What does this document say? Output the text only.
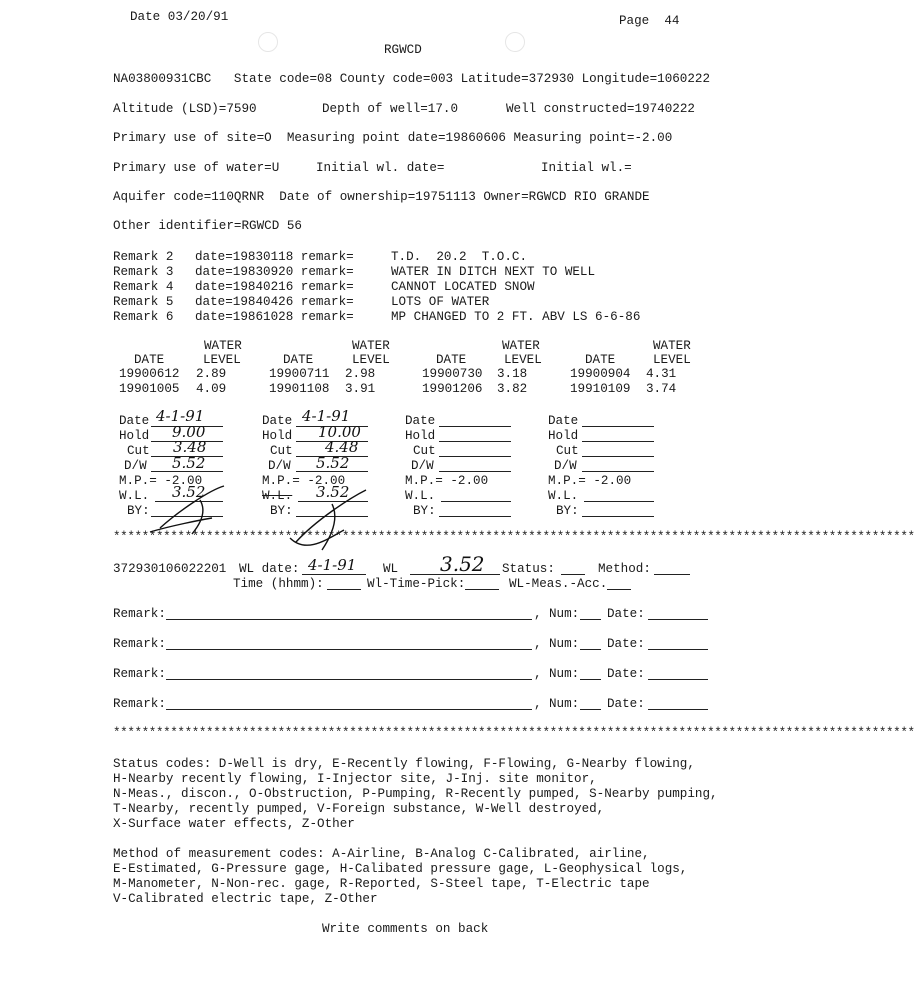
Date 03/20/91	Page  44
RGWCD
NA03800931CBC   State code=08 County code=003 Latitude=372930 Longitude=1060222
Altitude (LSD)=7590	Depth of well=17.0	Well constructed=19740222
Primary use of site=O  Measuring point date=19860606 Measuring point=-2.00
Primary use of water=U	Initial wl. date=	Initial wl.=
Aquifer code=110QRNR  Date of ownership=19751113 Owner=RGWCD RIO GRANDE
Other identifier=RGWCD 56
Remark 2 date=19830118 remark=	T.D.  20.2  T.O.C.
Remark 3 date=19830920 remark=	WATER IN DITCH NEXT TO WELL
Remark 4 date=19840216 remark=	CANNOT LOCATED SNOW
Remark 5 date=19840426 remark=	LOTS OF WATER
Remark 6 date=19861028 remark=	MP CHANGED TO 2 FT. ABV LS 6-6-86
WATER	WATER	WATER	WATER
DATE	LEVEL	DATE	LEVEL	DATE	LEVEL	DATE	LEVEL
19900612 2.89	19900711 2.98	19900730 3.18	19900904 4.31
19901005 4.09	19901108 3.91	19901206 3.82	19910109 3.74
Date 4-1-91
Hold 9.00
Cut 3.48
D/W 5.52
M.P.= -2.00
W.L. 3.52
BY:
Date 4-1-91
Hold 10.00
Cut 4.48
D/W 5.52
M.P.= -2.00
W.L. 3.52
BY:
Date
Hold
Cut
D/W
M.P.= -2.00
W.L.
BY:
Date
Hold
Cut
D/W
M.P.= -2.00
W.L.
BY:
****************************************************************************************************************
372930106022201 WL date: 4-1-91 WL 3.52 Status:	Method:
Time (hhmm):	Wl-Time-Pick:	WL-Meas.-Acc.
Remark:	, Num: Date:
Remark:	, Num: Date:
Remark:	, Num: Date:
Remark:	, Num: Date:
****************************************************************************************************************
Status codes: D-Well is dry, E-Recently flowing, F-Flowing, G-Nearby flowing,
H-Nearby recently flowing, I-Injector site, J-Inj. site monitor,
N-Meas., discon., O-Obstruction, P-Pumping, R-Recently pumped, S-Nearby pumping,
T-Nearby, recently pumped, V-Foreign substance, W-Well destroyed,
X-Surface water effects, Z-Other
Method of measurement codes: A-Airline, B-Analog C-Calibrated, airline,
E-Estimated, G-Pressure gage, H-Calibated pressure gage, L-Geophysical logs,
M-Manometer, N-Non-rec. gage, R-Reported, S-Steel tape, T-Electric tape
V-Calibrated electric tape, Z-Other
Write comments on back
